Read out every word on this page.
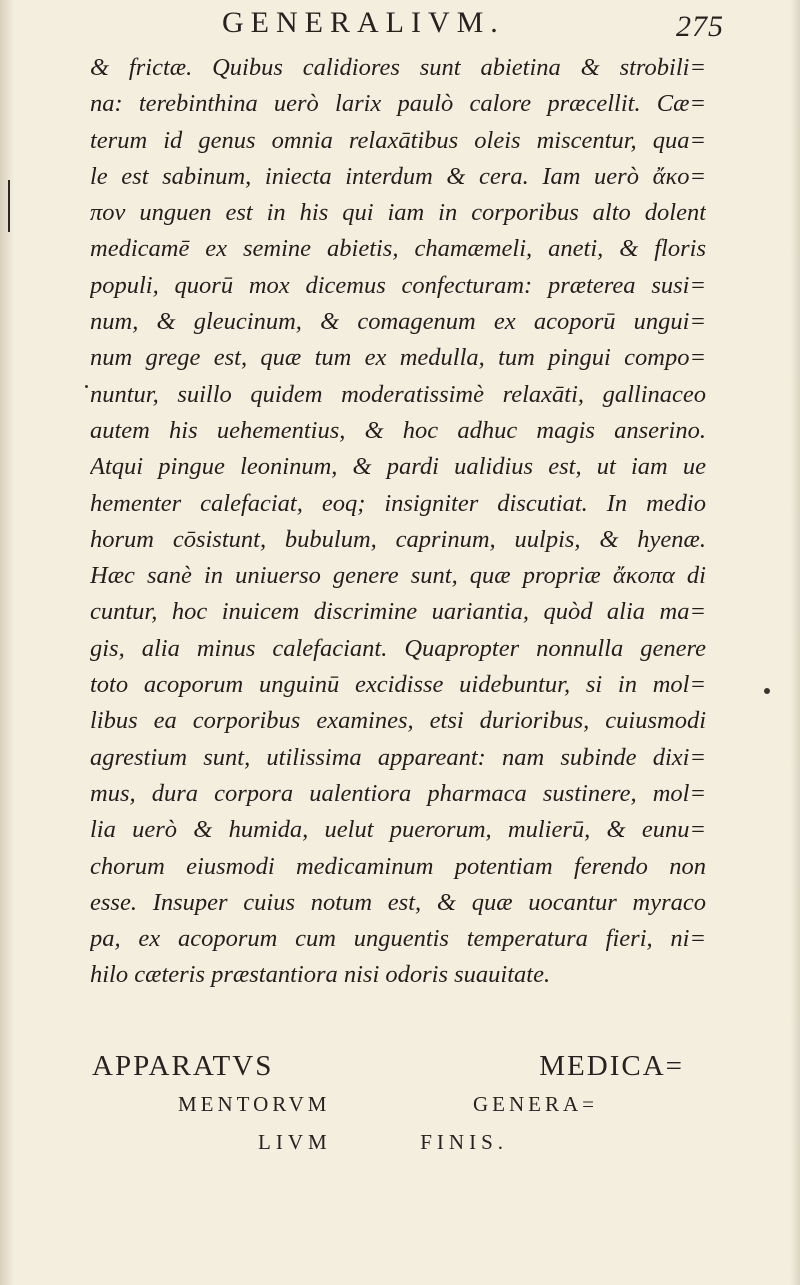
GENERALIVM.	275
& frictæ. Quibus calidiores sunt abietina & strobili=
na: terebinthina uerò larix paulò calore præcellit. Cæ=
terum id genus omnia relaxātibus oleis miscentur, qua=
le est sabinum, iniecta interdum & cera. Iam uerò ἄκο=
πον unguen est in his qui iam in corporibus alto dolent
medicamē ex semine abietis, chamæmeli, aneti, & floris
populi, quorū mox dicemus confecturam: præterea susi=
num, & gleucinum, & comagenum ex acoporū ungui=
num grege est, quæ tum ex medulla, tum pingui compo=
nuntur, suillo quidem moderatissimè relaxāti, gallinaceo
autem his uehementius, & hoc adhuc magis anserino.
Atqui pingue leoninum, & pardi ualidius est, ut iam ue
hementer calefaciat, eoq; insigniter discutiat. In medio
horum cōsistunt, bubulum, caprinum, uulpis, & hyenæ.
Hæc sanè in uniuerso genere sunt, quæ propriæ ἄκοπα di
cuntur, hoc inuicem discrimine uariantia, quòd alia ma=
gis, alia minus calefaciant. Quapropter nonnulla genere
toto acoporum unguinū excidisse uidebuntur, si in mol=
libus ea corporibus examines, etsi durioribus, cuiusmodi
agrestium sunt, utilissima appareant: nam subinde dixi=
mus, dura corpora ualentiora pharmaca sustinere, mol=
lia uerò & humida, uelut puerorum, mulierū, & eunu=
chorum eiusmodi medicaminum potentiam ferendo non
esse. Insuper cuius notum est, & quæ uocantur myraco
pa, ex acoporum cum unguentis temperatura fieri, ni=
hilo cæteris præstantiora nisi odoris suauitate.
APPARATVS MEDICA=
MENTORVM GENERA=
LIVM FINIS.
